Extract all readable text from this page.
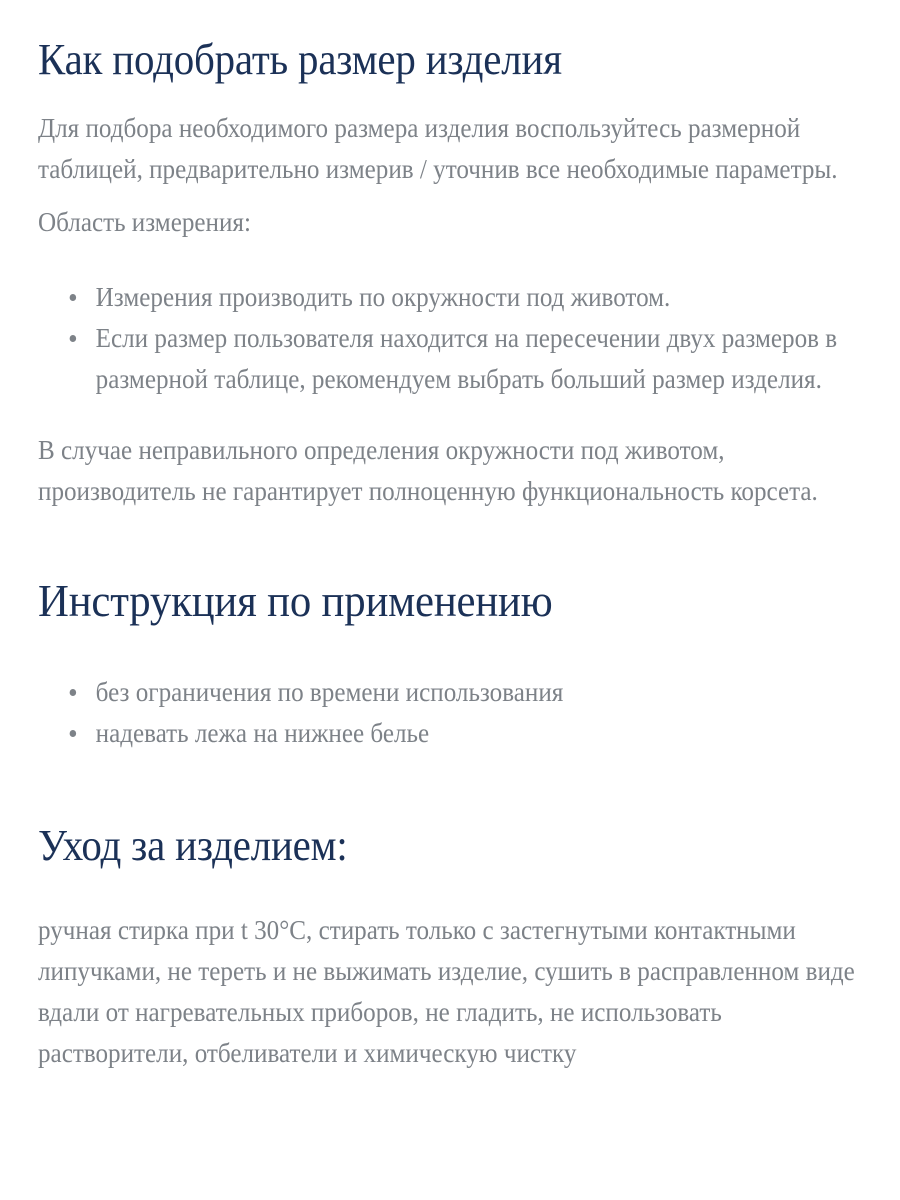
Как подобрать размер изделия

Для подбора необходимого размера изделия воспользуйтесь размерной таблицей, предварительно измерив / уточнив все необходимые параметры.

Область измерения:

Измерения производить по окружности под животом.
Если размер пользователя находится на пересечении двух размеров в размерной таблице, рекомендуем выбрать больший размер изделия.

В случае неправильного определения окружности под животом, производитель не гарантирует полноценную функциональность корсета.

Инструкция по применению
без ограничения по времени использования
надевать лежа на нижнее белье
Уход за изделием:

ручная стирка при t 30°C, стирать только с застегнутыми контактными липучками, не тереть и не выжимать изделие, сушить в расправленном виде вдали от нагревательных приборов, не гладить, не использовать растворители, отбеливатели и химическую чистку
